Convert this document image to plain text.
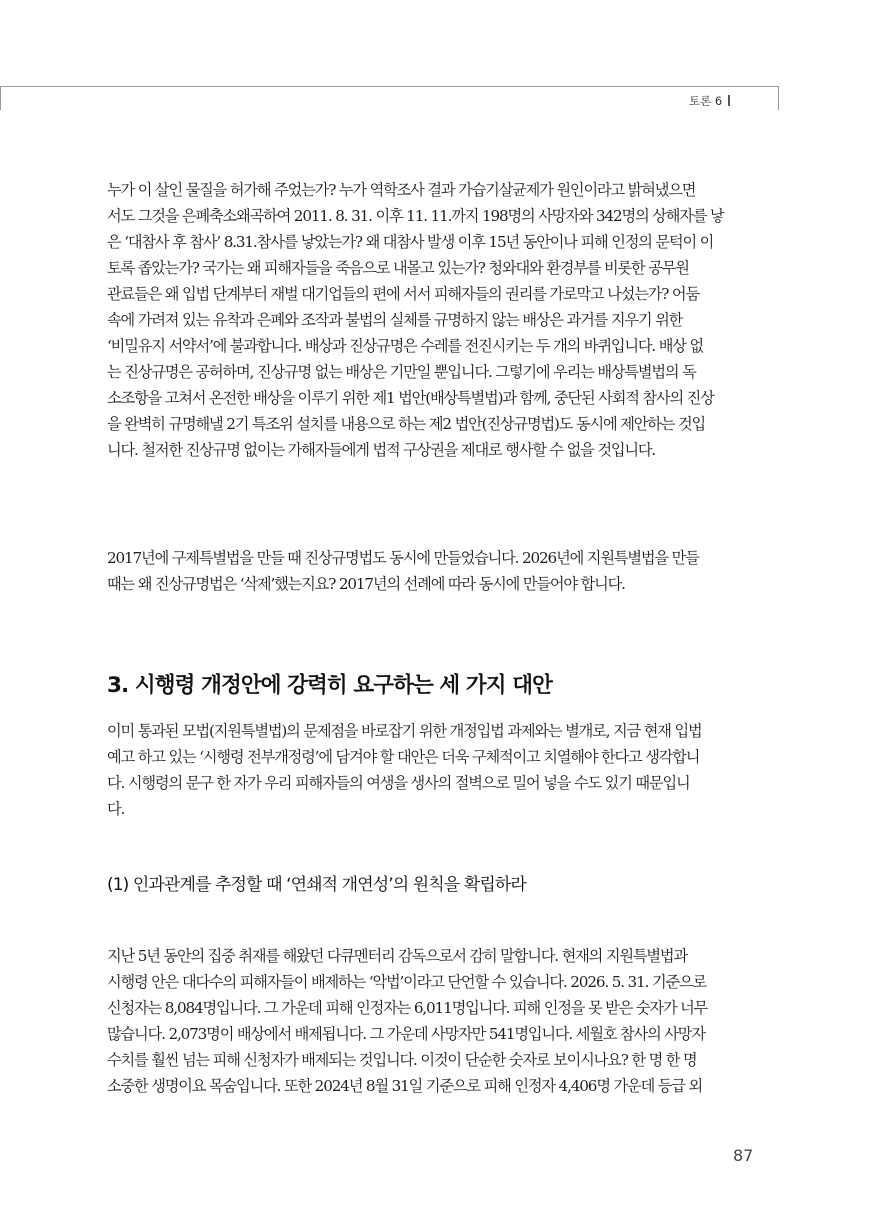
토론 6
누가 이 살인 물질을 허가해 주었는가? 누가 역학조사 결과 가습기살균제가 원인이라고 밝혀냈으면
서도 그것을 은폐축소왜곡하여 2011. 8. 31. 이후 11. 11.까지 198명의 사망자와 342명의 상해자를 낳
은 ‘대참사 후 참사’ 8.31.참사를 낳았는가? 왜 대참사 발생 이후 15년 동안이나 피해 인정의 문턱이 이
토록 좁았는가? 국가는 왜 피해자들을 죽음으로 내몰고 있는가? 청와대와 환경부를 비롯한 공무원
관료들은 왜 입법 단계부터 재벌 대기업들의 편에 서서 피해자들의 권리를 가로막고 나섰는가? 어둠
속에 가려져 있는 유착과 은폐와 조작과 불법의 실체를 규명하지 않는 배상은 과거를 지우기 위한
‘비밀유지 서약서’에 불과합니다. 배상과 진상규명은 수레를 전진시키는 두 개의 바퀴입니다. 배상 없
는 진상규명은 공허하며, 진상규명 없는 배상은 기만일 뿐입니다. 그렇기에 우리는 배상특별법의 독
소조항을 고쳐서 온전한 배상을 이루기 위한 제1 법안(배상특별법)과 함께, 중단된 사회적 참사의 진상
을 완벽히 규명해낼 2기 특조위 설치를 내용으로 하는 제2 법안(진상규명법)도 동시에 제안하는 것입
니다. 철저한 진상규명 없이는 가해자들에게 법적 구상권을 제대로 행사할 수 없을 것입니다.
2017년에 구제특별법을 만들 때 진상규명법도 동시에 만들었습니다. 2026년에 지원특별법을 만들
때는 왜 진상규명법은 ‘삭제’했는지요? 2017년의 선례에 따라 동시에 만들어야 합니다.
3. 시행령 개정안에 강력히 요구하는 세 가지 대안
이미 통과된 모법(지원특별법)의 문제점을 바로잡기 위한 개정입법 과제와는 별개로, 지금 현재 입법
예고 하고 있는 ‘시행령 전부개정령’에 담겨야 할 대안은 더욱 구체적이고 치열해야 한다고 생각합니
다. 시행령의 문구 한 자가 우리 피해자들의 여생을 생사의 절벽으로 밀어 넣을 수도 있기 때문입니
다.
(1) 인과관계를 추정할 때 ‘연쇄적 개연성’의 원칙을 확립하라
지난 5년 동안의 집중 취재를 해왔던 다큐멘터리 감독으로서 감히 말합니다. 현재의 지원특별법과
시행령 안은 대다수의 피해자들이 배제하는 ‘악법’이라고 단언할 수 있습니다. 2026. 5. 31. 기준으로
신청자는 8,084명입니다. 그 가운데 피해 인정자는 6,011명입니다. 피해 인정을 못 받은 숫자가 너무
많습니다. 2,073명이 배상에서 배제됩니다. 그 가운데 사망자만 541명입니다. 세월호 참사의 사망자
수치를 훨씬 넘는 피해 신청자가 배제되는 것입니다. 이것이 단순한 숫자로 보이시나요? 한 명 한 명
소중한 생명이요 목숨입니다. 또한 2024년 8월 31일 기준으로 피해 인정자 4,406명 가운데 등급 외
87
